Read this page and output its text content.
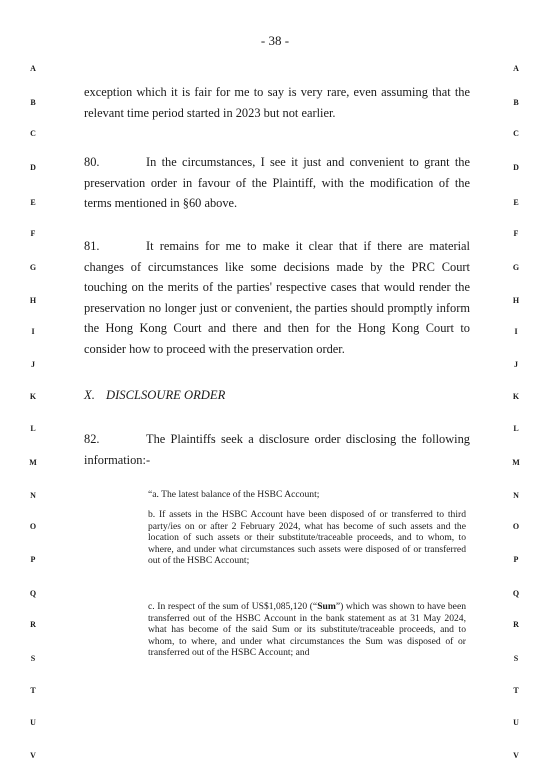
- 38 -
A
B
C
D
E
F
G
H
I
J
K
L
M
N
O
P
Q
R
S
T
U
V
A
B
C
D
E
F
G
H
I
J
K
L
M
N
O
P
Q
R
S
T
U
V
exception which it is fair for me to say is very rare, even assuming that the relevant time period started in 2023 but not earlier.
80.	In the circumstances, I see it just and convenient to grant the preservation order in favour of the Plaintiff, with the modification of the terms mentioned in §60 above.
81.	It remains for me to make it clear that if there are material changes of circumstances like some decisions made by the PRC Court touching on the merits of the parties' respective cases that would render the preservation no longer just or convenient, the parties should promptly inform the Hong Kong Court and there and then for the Hong Kong Court to consider how to proceed with the preservation order.
X. DISCLSOURE ORDER
82.	The Plaintiffs seek a disclosure order disclosing the following information:-
“a. The latest balance of the HSBC Account;
b. If assets in the HSBC Account have been disposed of or transferred to third party/ies on or after 2 February 2024, what has become of such assets and the location of such assets or their substitute/traceable proceeds, and to whom, to where, and under what circumstances such assets were disposed of or transferred out of the HSBC Account;
c. In respect of the sum of US$1,085,120 (“Sum”) which was shown to have been transferred out of the HSBC Account in the bank statement as at 31 May 2024, what has become of the said Sum or its substitute/traceable proceeds, and to whom, to where, and under what circumstances the Sum was disposed of or transferred out of the HSBC Account; and
